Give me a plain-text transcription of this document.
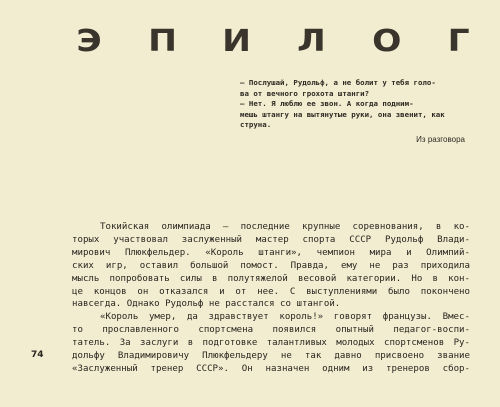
Э П И Л О Г

— Послушай, Рудольф, а не болит у тебя голо-

ва от вечного грохота штанги?

— Нет. Я люблю ее звон. А когда подним-

мешь штангу на вытянутые руки, она звенит, как

струна.

Из разговора

Токийская олимпиада — последние крупные соревнования, в ко-
торых участвовал заслуженный мастер спорта СССР Рудольф Влади-
мирович Плюкфельдер. «Король штанги», чемпион мира и Олимпий-
ских игр, оставил большой помост. Правда, ему не раз приходила
мысль попробовать силы в полутяжелой весовой категории. Но в кон-
це концов он отказался и от нее. С выступлениями было покончено
навсегда. Однако Рудольф не расстался со штангой.
«Король умер, да здравствует король!» говорят французы. Вмес-
то прославленного спортсмена появился опытный педагог-воспи-
татель. За заслуги в подготовке талантливых молодых спортсменов Ру-
дольфу Владимировичу Плюкфельдеру не так давно присвоено звание
«Заслуженный тренер СССР». Он назначен одним из тренеров сбор-
74
